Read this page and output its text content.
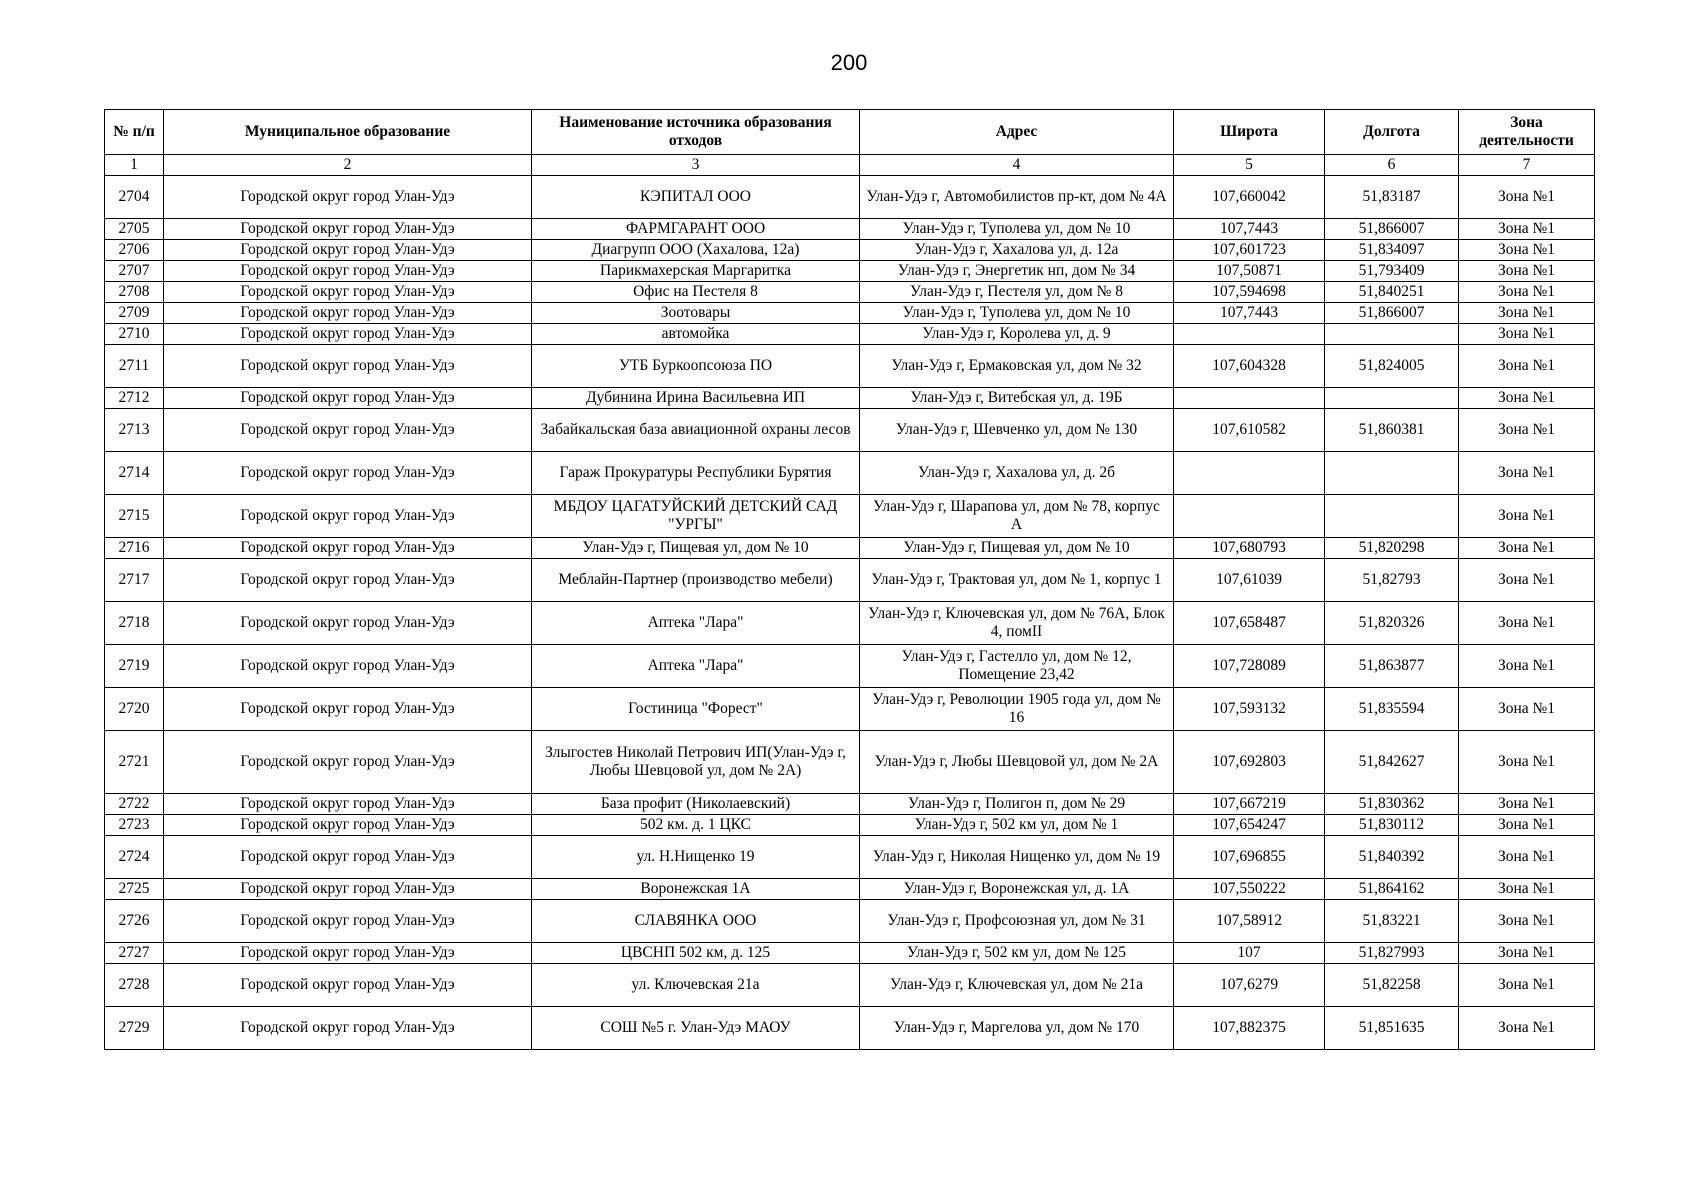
200
№ п/п	Муниципальное образование	Наименование источника образования отходов	Адрес	Широта	Долгота	Зона деятельности
1	2	3	4	5	6	7
2704	Городской округ город Улан-Удэ	КЭПИТАЛ ООО	Улан-Удэ г, Автомобилистов пр-кт, дом № 4А	107,660042	51,83187	Зона №1
2705	Городской округ город Улан-Удэ	ФАРМГАРАНТ ООО	Улан-Удэ г, Туполева ул, дом № 10	107,7443	51,866007	Зона №1
2706	Городской округ город Улан-Удэ	Диагрупп ООО (Хахалова, 12а)	Улан-Удэ г, Хахалова ул, д. 12а	107,601723	51,834097	Зона №1
2707	Городской округ город Улан-Удэ	Парикмахерская Маргаритка	Улан-Удэ г, Энергетик нп, дом № 34	107,50871	51,793409	Зона №1
2708	Городской округ город Улан-Удэ	Офис на Пестеля 8	Улан-Удэ г, Пестеля ул, дом № 8	107,594698	51,840251	Зона №1
2709	Городской округ город Улан-Удэ	Зоотовары	Улан-Удэ г, Туполева ул, дом № 10	107,7443	51,866007	Зона №1
2710	Городской округ город Улан-Удэ	автомойка	Улан-Удэ г, Королева ул, д. 9			Зона №1
2711	Городской округ город Улан-Удэ	УТБ Буркоопсоюза ПО	Улан-Удэ г, Ермаковская ул, дом № 32	107,604328	51,824005	Зона №1
2712	Городской округ город Улан-Удэ	Дубинина Ирина Васильевна ИП	Улан-Удэ г, Витебская ул, д. 19Б			Зона №1
2713	Городской округ город Улан-Удэ	Забайкальская база авиационной охраны лесов	Улан-Удэ г, Шевченко ул, дом № 130	107,610582	51,860381	Зона №1
2714	Городской округ город Улан-Удэ	Гараж Прокуратуры Республики Бурятия	Улан-Удэ г, Хахалова ул, д. 2б			Зона №1
2715	Городской округ город Улан-Удэ	МБДОУ ЦАГАТУЙСКИЙ ДЕТСКИЙ САД "УРГЫ"	Улан-Удэ г, Шарапова ул, дом № 78, корпус А			Зона №1
2716	Городской округ город Улан-Удэ	Улан-Удэ г, Пищевая ул, дом № 10	Улан-Удэ г, Пищевая ул, дом № 10	107,680793	51,820298	Зона №1
2717	Городской округ город Улан-Удэ	Меблайн-Партнер (производство мебели)	Улан-Удэ г, Трактовая ул, дом № 1, корпус 1	107,61039	51,82793	Зона №1
2718	Городской округ город Улан-Удэ	Аптека "Лара"	Улан-Удэ г, Ключевская ул, дом № 76А, Блок 4, помII	107,658487	51,820326	Зона №1
2719	Городской округ город Улан-Удэ	Аптека "Лара"	Улан-Удэ г, Гастелло ул, дом № 12, Помещение 23,42	107,728089	51,863877	Зона №1
2720	Городской округ город Улан-Удэ	Гостиница "Форест"	Улан-Удэ г, Революции 1905 года ул, дом № 16	107,593132	51,835594	Зона №1
2721	Городской округ город Улан-Удэ	Злыгостев Николай Петрович ИП(Улан-Удэ г, Любы Шевцовой ул, дом № 2А)	Улан-Удэ г, Любы Шевцовой ул, дом № 2А	107,692803	51,842627	Зона №1
2722	Городской округ город Улан-Удэ	База профит (Николаевский)	Улан-Удэ г, Полигон п, дом № 29	107,667219	51,830362	Зона №1
2723	Городской округ город Улан-Удэ	502 км. д. 1 ЦКС	Улан-Удэ г, 502 км ул, дом № 1	107,654247	51,830112	Зона №1
2724	Городской округ город Улан-Удэ	ул. Н.Нищенко 19	Улан-Удэ г, Николая Нищенко ул, дом № 19	107,696855	51,840392	Зона №1
2725	Городской округ город Улан-Удэ	Воронежская 1А	Улан-Удэ г, Воронежская ул, д. 1А	107,550222	51,864162	Зона №1
2726	Городской округ город Улан-Удэ	СЛАВЯНКА ООО	Улан-Удэ г, Профсоюзная ул, дом № 31	107,58912	51,83221	Зона №1
2727	Городской округ город Улан-Удэ	ЦВСНП 502 км, д. 125	Улан-Удэ г, 502 км ул, дом № 125	107	51,827993	Зона №1
2728	Городской округ город Улан-Удэ	ул. Ключевская 21а	Улан-Удэ г, Ключевская ул, дом № 21а	107,6279	51,82258	Зона №1
2729	Городской округ город Улан-Удэ	СОШ №5 г. Улан-Удэ МАОУ	Улан-Удэ г, Маргелова ул, дом № 170	107,882375	51,851635	Зона №1
